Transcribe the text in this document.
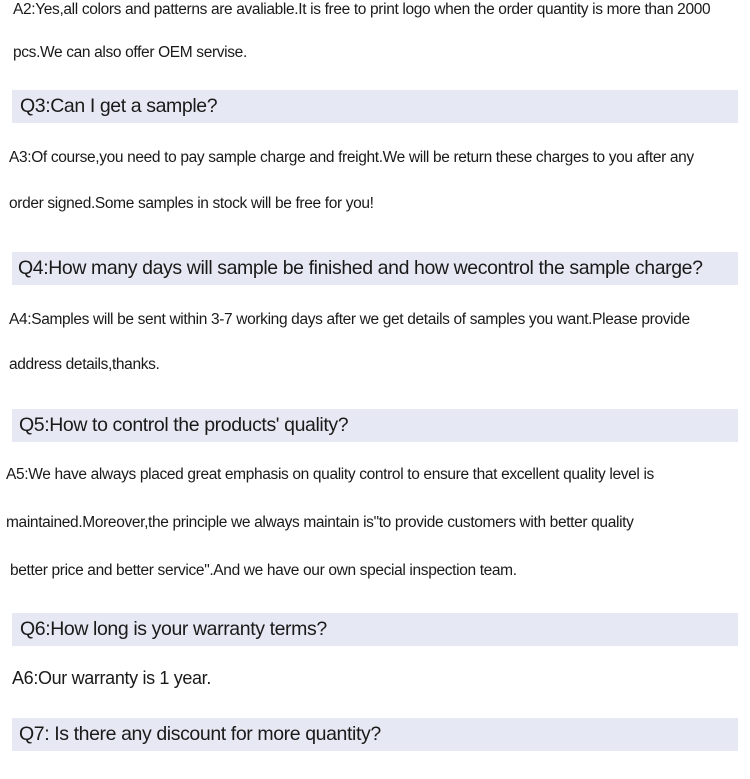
A2:Yes,all colors and patterns are avaliable.It is free to print logo when the order quantity is more than 2000

pcs.We can also offer OEM servise.

Q3:Can I get a sample?

A3:Of course,you need to pay sample charge and freight.We will be return these charges to you after any

order signed.Some samples in stock will be free for you!

Q4:How many days will sample be finished and how wecontrol the sample charge?

A4:Samples will be sent within 3-7 working days after we get details of samples you want.Please provide

address details,thanks.

Q5:How to control the products' quality?

A5:We have always placed great emphasis on quality control to ensure that excellent quality level is

maintained.Moreover,the principle we always maintain is"to provide customers with better quality

better price and better service".And we have our own special inspection team.

Q6:How long is your warranty terms?

A6:Our warranty is 1 year.

Q7: Is there any discount for more quantity?
